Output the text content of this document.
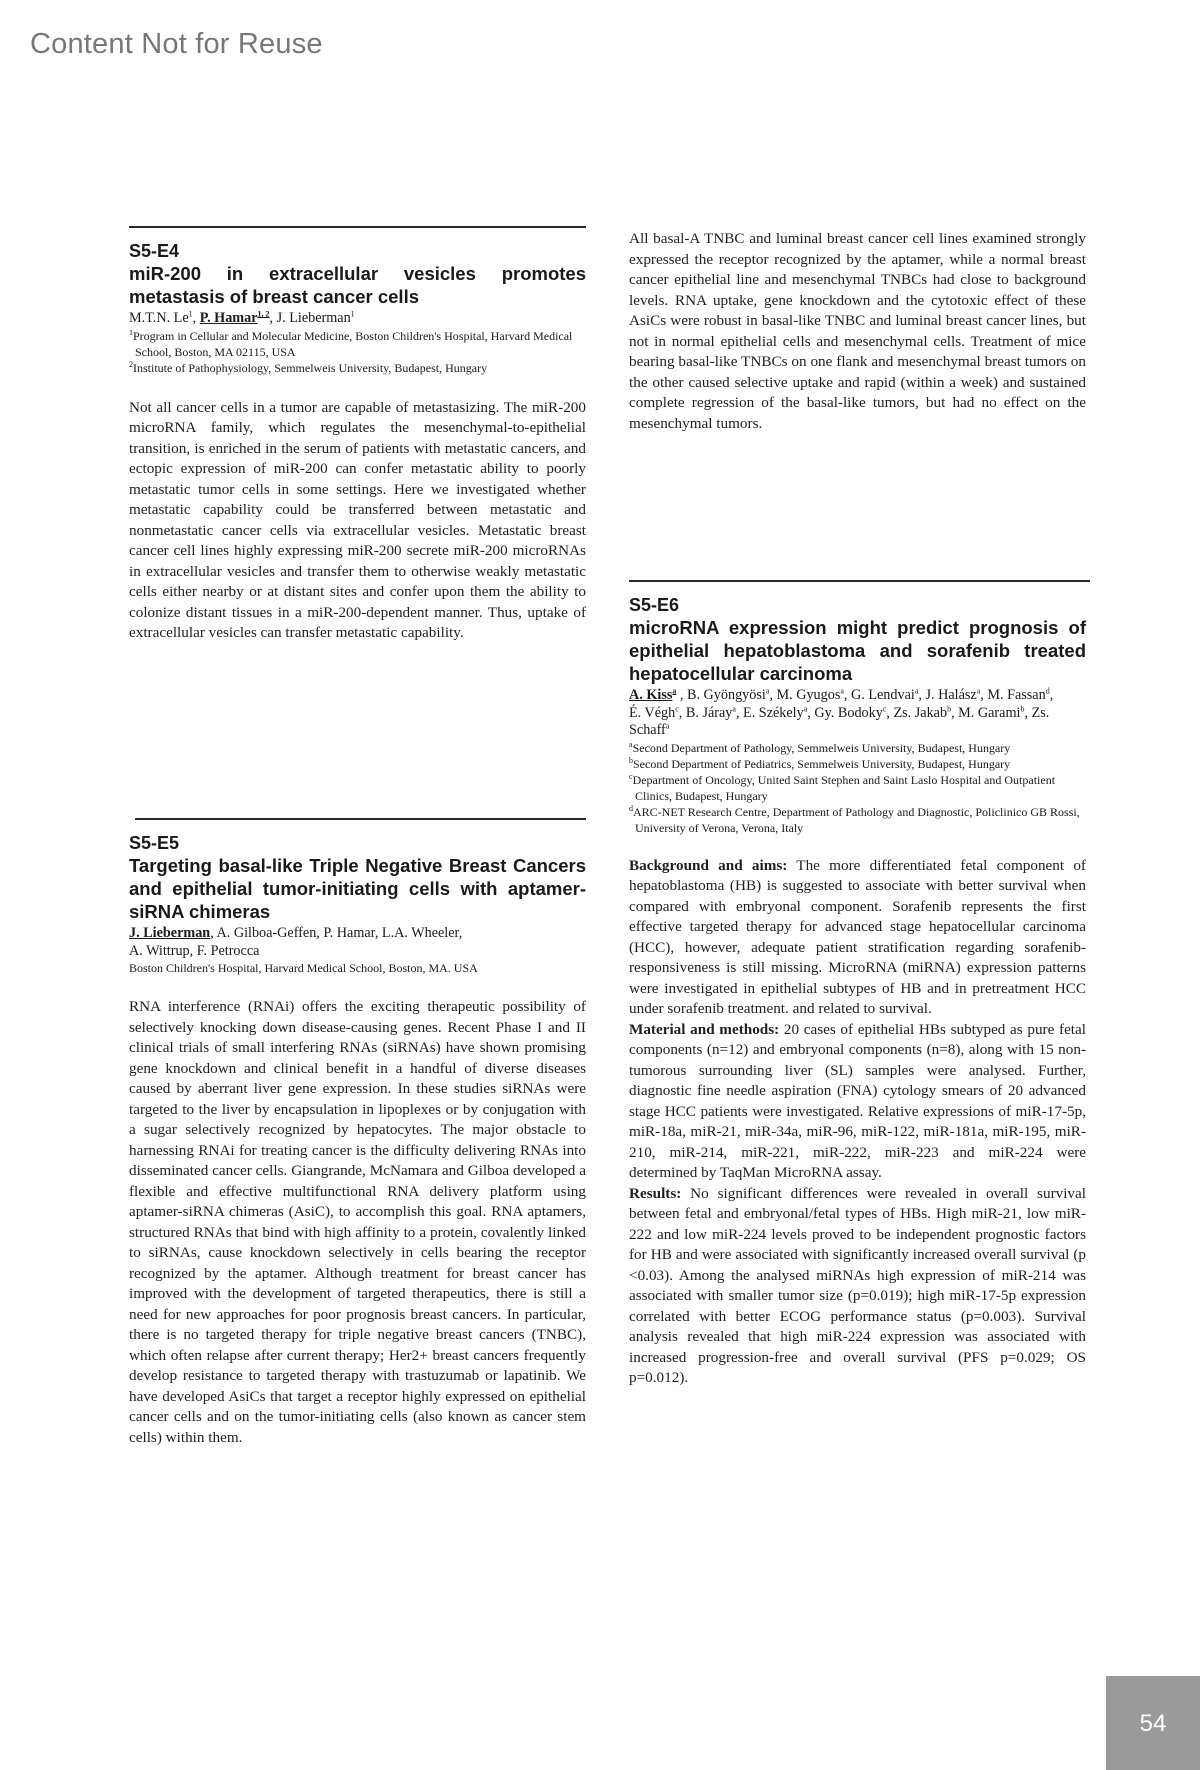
Content Not for Reuse
S5-E4
miR-200 in extracellular vesicles promotes metastasis of breast cancer cells
M.T.N. Le$^1$, P. Hamar$^{1, 2}$, J. Lieberman$^1$
$^1$Program in Cellular and Molecular Medicine, Boston Children's Hospital, Harvard Medical School, Boston, MA 02115, USA
$^2$Institute of Pathophysiology, Semmelweis University, Budapest, Hungary

Not all cancer cells in a tumor are capable of metastasizing. The miR-200 microRNA family, which regulates the mesenchymal-to-epithelial transition, is enriched in the serum of patients with metastatic cancers, and ectopic expression of miR-200 can confer metastatic ability to poorly metastatic tumor cells in some settings. Here we investigated whether metastatic capability could be transferred between metastatic and nonmetastatic cancer cells via extracellular vesicles. Metastatic breast cancer cell lines highly expressing miR-200 secrete miR-200 microRNAs in extracellular vesicles and transfer them to otherwise weakly metastatic cells either nearby or at distant sites and confer upon them the ability to colonize distant tissues in a miR-200-dependent manner. Thus, uptake of extracellular vesicles can transfer metastatic capability.

S5-E5
Targeting basal-like Triple Negative Breast Cancers and epithelial tumor-initiating cells with aptamer-siRNA chimeras
J. Lieberman, A. Gilboa-Geffen, P. Hamar, L.A. Wheeler,
A. Wittrup, F. Petrocca
Boston Children's Hospital, Harvard Medical School, Boston, MA. USA

RNA interference (RNAi) offers the exciting therapeutic possibility of selectively knocking down disease-causing genes. Recent Phase I and II clinical trials of small interfering RNAs (siRNAs) have shown promising gene knockdown and clinical benefit in a handful of diverse diseases caused by aberrant liver gene expression. In these studies siRNAs were targeted to the liver by encapsulation in lipoplexes or by conjugation with a sugar selectively recognized by hepatocytes. The major obstacle to harnessing RNAi for treating cancer is the difficulty delivering RNAs into disseminated cancer cells. Giangrande, McNamara and Gilboa developed a flexible and effective multifunctional RNA delivery platform using aptamer-siRNA chimeras (AsiC), to accomplish this goal. RNA aptamers, structured RNAs that bind with high affinity to a protein, covalently linked to siRNAs, cause knockdown selectively in cells bearing the receptor recognized by the aptamer. Although treatment for breast cancer has improved with the development of targeted therapeutics, there is still a need for new approaches for poor prognosis breast cancers. In particular, there is no targeted therapy for triple negative breast cancers (TNBC), which often relapse after current therapy; Her2+ breast cancers frequently develop resistance to targeted therapy with trastuzumab or lapatinib. We have developed AsiCs that target a receptor highly expressed on epithelial cancer cells and on the tumor-initiating cells (also known as cancer stem cells) within them.

All basal-A TNBC and luminal breast cancer cell lines examined strongly expressed the receptor recognized by the aptamer, while a normal breast cancer epithelial line and mesenchymal TNBCs had close to background levels. RNA uptake, gene knockdown and the cytotoxic effect of these AsiCs were robust in basal-like TNBC and luminal breast cancer lines, but not in normal epithelial cells and mesenchymal cells. Treatment of mice bearing basal-like TNBCs on one flank and mesenchymal breast tumors on the other caused selective uptake and rapid (within a week) and sustained complete regression of the basal-like tumors, but had no effect on the mesenchymal tumors.

S5-E6
microRNA expression might predict prognosis of epithelial hepatoblastoma and sorafenib treated hepatocellular carcinoma
A. Kiss$^a$ , B. Gyöngyösi$^a$, M. Gyugos$^a$, G. Lendvai$^a$, J. Halász$^a$, M. Fassan$^d$, É. Végh$^c$, B. Járay$^a$, E. Székely$^a$, Gy. Bodoky$^c$, Zs. Jakab$^b$, M. Garami$^b$, Zs. Schaff$^a$
$^a$Second Department of Pathology, Semmelweis University, Budapest, Hungary
$^b$Second Department of Pediatrics, Semmelweis University, Budapest, Hungary
$^c$Department of Oncology, United Saint Stephen and Saint Laslo Hospital and Outpatient Clinics, Budapest, Hungary
$^d$ARC-NET Research Centre, Department of Pathology and Diagnostic, Policlinico GB Rossi, University of Verona, Verona, Italy

Background and aims: The more differentiated fetal component of hepatoblastoma (HB) is suggested to associate with better survival when compared with embryonal component. Sorafenib represents the first effective targeted therapy for advanced stage hepatocellular carcinoma (HCC), however, adequate patient stratification regarding sorafenib-responsiveness is still missing. MicroRNA (miRNA) expression patterns were investigated in epithelial subtypes of HB and in pretreatment HCC under sorafenib treatment. and related to survival.

Material and methods: 20 cases of epithelial HBs subtyped as pure fetal components (n=12) and embryonal components (n=8), along with 15 non-tumorous surrounding liver (SL) samples were analysed. Further, diagnostic fine needle aspiration (FNA) cytology smears of 20 advanced stage HCC patients were investigated. Relative expressions of miR-17-5p, miR-18a, miR-21, miR-34a, miR-96, miR-122, miR-181a, miR-195, miR-210, miR-214, miR-221, miR-222, miR-223 and miR-224 were determined by TaqMan MicroRNA assay.

Results: No significant differences were revealed in overall survival between fetal and embryonal/fetal types of HBs. High miR-21, low miR-222 and low miR-224 levels proved to be independent prognostic factors for HB and were associated with significantly increased overall survival (p <0.03). Among the analysed miRNAs high expression of miR-214 was associated with smaller tumor size (p=0.019); high miR-17-5p expression correlated with better ECOG performance status (p=0.003). Survival analysis revealed that high miR-224 expression was associated with increased progression-free and overall survival (PFS p=0.029; OS p=0.012).

54
